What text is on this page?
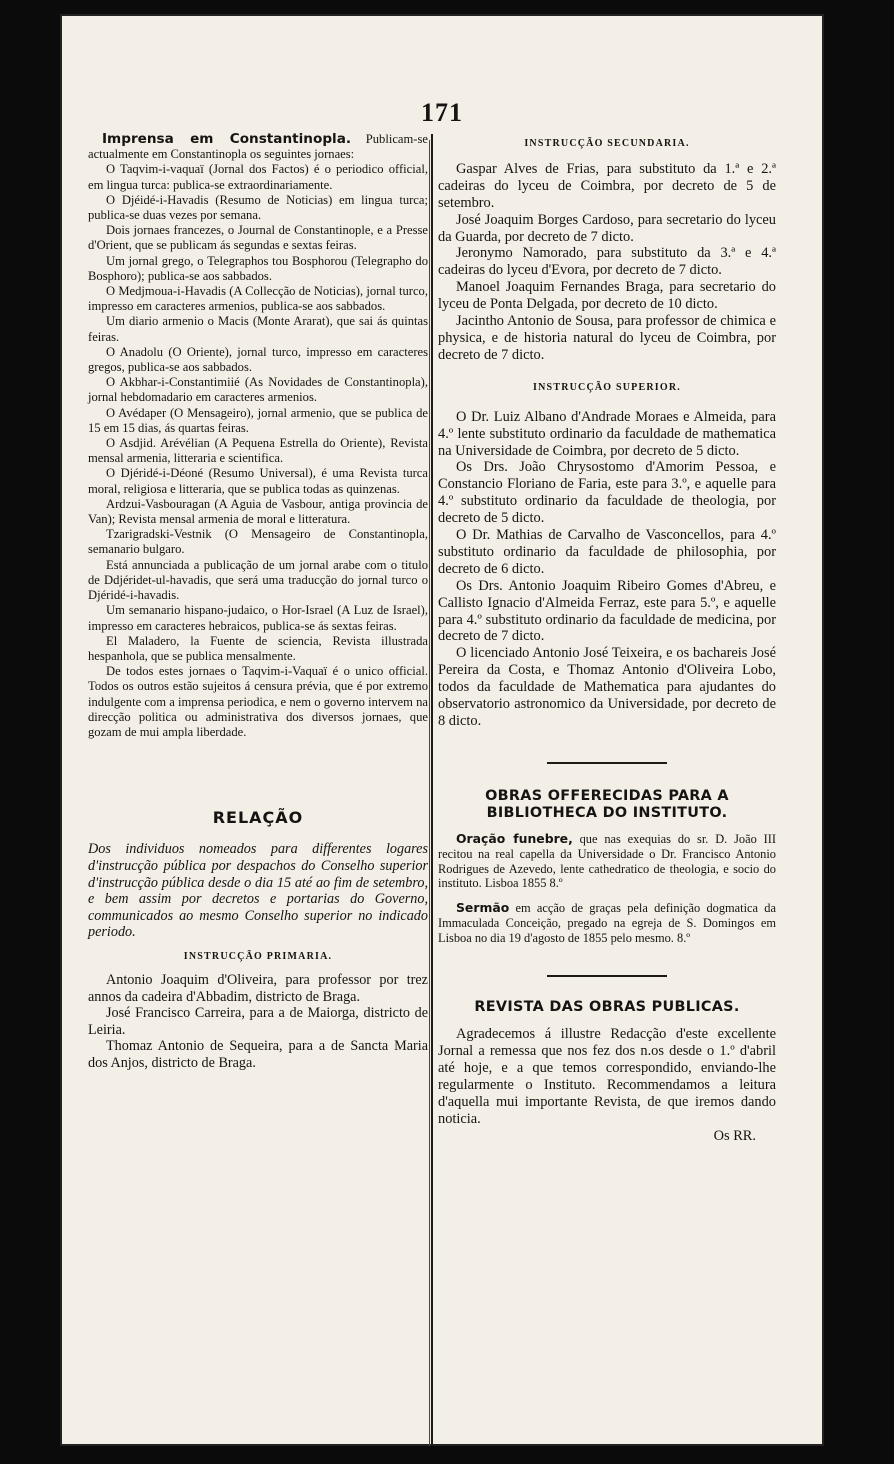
171

Imprensa em Constantinopla. Publicam-se actualmente em Constantinopla os seguintes jornaes:

O Taqvim-i-vaquaï (Jornal dos Factos) é o periodico official, em lingua turca: publica-se extraordinariamente.

O Djéidé-i-Havadis (Resumo de Noticias) em lingua turca; publica-se duas vezes por semana.

Dois jornaes francezes, o Journal de Constantinople, e a Presse d'Orient, que se publicam ás segundas e sextas feiras.

Um jornal grego, o Telegraphos tou Bosphorou (Telegrapho do Bosphoro); publica-se aos sabbados.

O Medjmoua-i-Havadis (A Collecção de Noticias), jornal turco, impresso em caracteres armenios, publica-se aos sabbados.

Um diario armenio o Macis (Monte Ararat), que sai ás quintas feiras.

O Anadolu (O Oriente), jornal turco, impresso em caracteres gregos, publica-se aos sabbados.

O Akbhar-i-Constantimiié (As Novidades de Constantinopla), jornal hebdomadario em caracteres armenios.

O Avédaper (O Mensageiro), jornal armenio, que se publica de 15 em 15 dias, ás quartas feiras.

O Asdjid. Arévélian (A Pequena Estrella do Oriente), Revista mensal armenia, litteraria e scientifica.

O Djéridé-i-Déoné (Resumo Universal), é uma Revista turca moral, religiosa e litteraria, que se publica todas as quinzenas.

Ardzui-Vasbouragan (A Aguia de Vasbour, antiga provincia de Van); Revista mensal armenia de moral e litteratura.

Tzarigradski-Vestnik (O Mensageiro de Constantinopla, semanario bulgaro.

Está annunciada a publicação de um jornal arabe com o titulo de Ddjéridet-ul-havadis, que será uma traducção do jornal turco o Djéridé-i-havadis.

Um semanario hispano-judaico, o Hor-Israel (A Luz de Israel), impresso em caracteres hebraicos, publica-se ás sextas feiras.

El Maladero, la Fuente de sciencia, Revista illustrada hespanhola, que se publica mensalmente.

De todos estes jornaes o Taqvim-i-Vaquaï é o unico official. Todos os outros estão sujeitos á censura prévia, que é por extremo indulgente com a imprensa periodica, e nem o governo intervem na direcção politica ou administrativa dos diversos jornaes, que gozam de mui ampla liberdade.

RELAÇÃO

Dos individuos nomeados para differentes logares d'instrucção pública por despachos do Conselho superior d'instrucção pública desde o dia 15 até ao fim de setembro, e bem assim por decretos e portarias do Governo, communicados ao mesmo Conselho superior no indicado periodo.

INSTRUCÇÃO PRIMARIA.

Antonio Joaquim d'Oliveira, para professor por trez annos da cadeira d'Abbadim, districto de Braga.

José Francisco Carreira, para a de Maiorga, districto de Leiria.

Thomaz Antonio de Sequeira, para a de Sancta Maria dos Anjos, districto de Braga.

INSTRUCÇÃO SECUNDARIA.

Gaspar Alves de Frias, para substituto da 1.ª e 2.ª cadeiras do lyceu de Coimbra, por decreto de 5 de setembro.

José Joaquim Borges Cardoso, para secretario do lyceu da Guarda, por decreto de 7 dicto.

Jeronymo Namorado, para substituto da 3.ª e 4.ª cadeiras do lyceu d'Evora, por decreto de 7 dicto.

Manoel Joaquim Fernandes Braga, para secretario do lyceu de Ponta Delgada, por decreto de 10 dicto.

Jacintho Antonio de Sousa, para professor de chimica e physica, e de historia natural do lyceu de Coimbra, por decreto de 7 dicto.

INSTRUCÇÃO SUPERIOR.

O Dr. Luiz Albano d'Andrade Moraes e Almeida, para 4.º lente substituto ordinario da faculdade de mathematica na Universidade de Coimbra, por decreto de 5 dicto.

Os Drs. João Chrysostomo d'Amorim Pessoa, e Constancio Floriano de Faria, este para 3.º, e aquelle para 4.º substituto ordinario da faculdade de theologia, por decreto de 5 dicto.

O Dr. Mathias de Carvalho de Vasconcellos, para 4.º substituto ordinario da faculdade de philosophia, por decreto de 6 dicto.

Os Drs. Antonio Joaquim Ribeiro Gomes d'Abreu, e Callisto Ignacio d'Almeida Ferraz, este para 5.º, e aquelle para 4.º substituto ordinario da faculdade de medicina, por decreto de 7 dicto.

O licenciado Antonio José Teixeira, e os bachareis José Pereira da Costa, e Thomaz Antonio d'Oliveira Lobo, todos da faculdade de Mathematica para ajudantes do observatorio astronomico da Universidade, por decreto de 8 dicto.

OBRAS OFFERECIDAS PARA A BIBLIOTHECA DO INSTITUTO.

Oração funebre, que nas exequias do sr. D. João III recitou na real capella da Universidade o Dr. Francisco Antonio Rodrigues de Azevedo, lente cathedratico de theologia, e socio do instituto. Lisboa 1855 8.º

Sermão em acção de graças pela definição dogmatica da Immaculada Conceição, pregado na egreja de S. Domingos em Lisboa no dia 19 d'agosto de 1855 pelo mesmo. 8.º

REVISTA DAS OBRAS PUBLICAS.

Agradecemos á illustre Redacção d'este excellente Jornal a remessa que nos fez dos n.os desde o 1.º d'abril até hoje, e a que temos correspondido, enviando-lhe regularmente o Instituto. Recommendamos a leitura d'aquella mui importante Revista, de que iremos dando noticia.

Os RR.
